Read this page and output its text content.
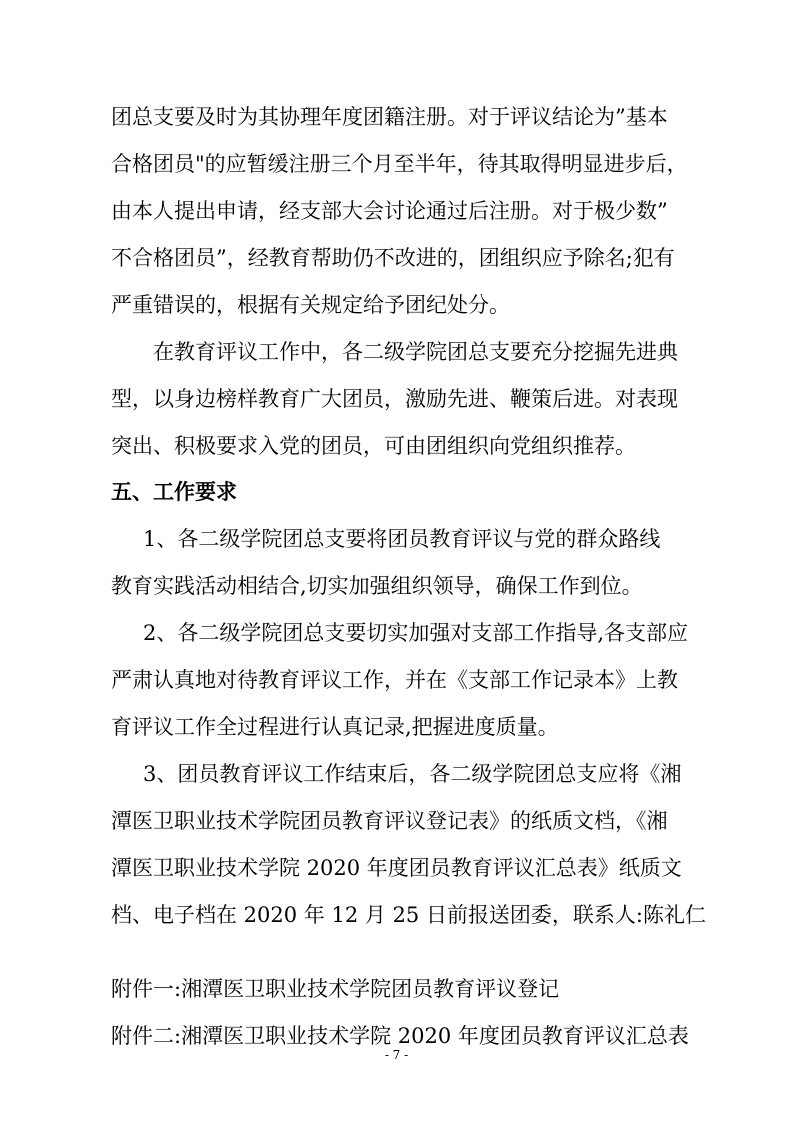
团总支要及时为其协理年度团籍注册。对于评议结论为”基本
合格团员"的应暂缓注册三个月至半年，待其取得明显进步后，
由本人提出申请，经支部大会讨论通过后注册。对于极少数”
不合格团员”，经教育帮助仍不改进的，团组织应予除名;犯有
严重错误的，根据有关规定给予团纪处分。
在教育评议工作中，各二级学院团总支要充分挖掘先进典
型，以身边榜样教育广大团员，激励先进、鞭策后进。对表现
突出、积极要求入党的团员，可由团组织向党组织推荐。
五、工作要求
1、各二级学院团总支要将团员教育评议与党的群众路线
教育实践活动相结合,切实加强组织领导，确保工作到位。
2、各二级学院团总支要切实加强对支部工作指导,各支部应
严肃认真地对待教育评议工作，并在《支部工作记录本》上教
育评议工作全过程进行认真记录,把握进度质量。
3、团员教育评议工作结束后，各二级学院团总支应将《湘
潭医卫职业技术学院团员教育评议登记表》的纸质文档，《湘
潭医卫职业技术学院 2020 年度团员教育评议汇总表》纸质文
档、电子档在 2020 年 12 月 25 日前报送团委，联系人:陈礼仁
附件一:湘潭医卫职业技术学院团员教育评议登记
附件二:湘潭医卫职业技术学院 2020 年度团员教育评议汇总表
- 7 -
